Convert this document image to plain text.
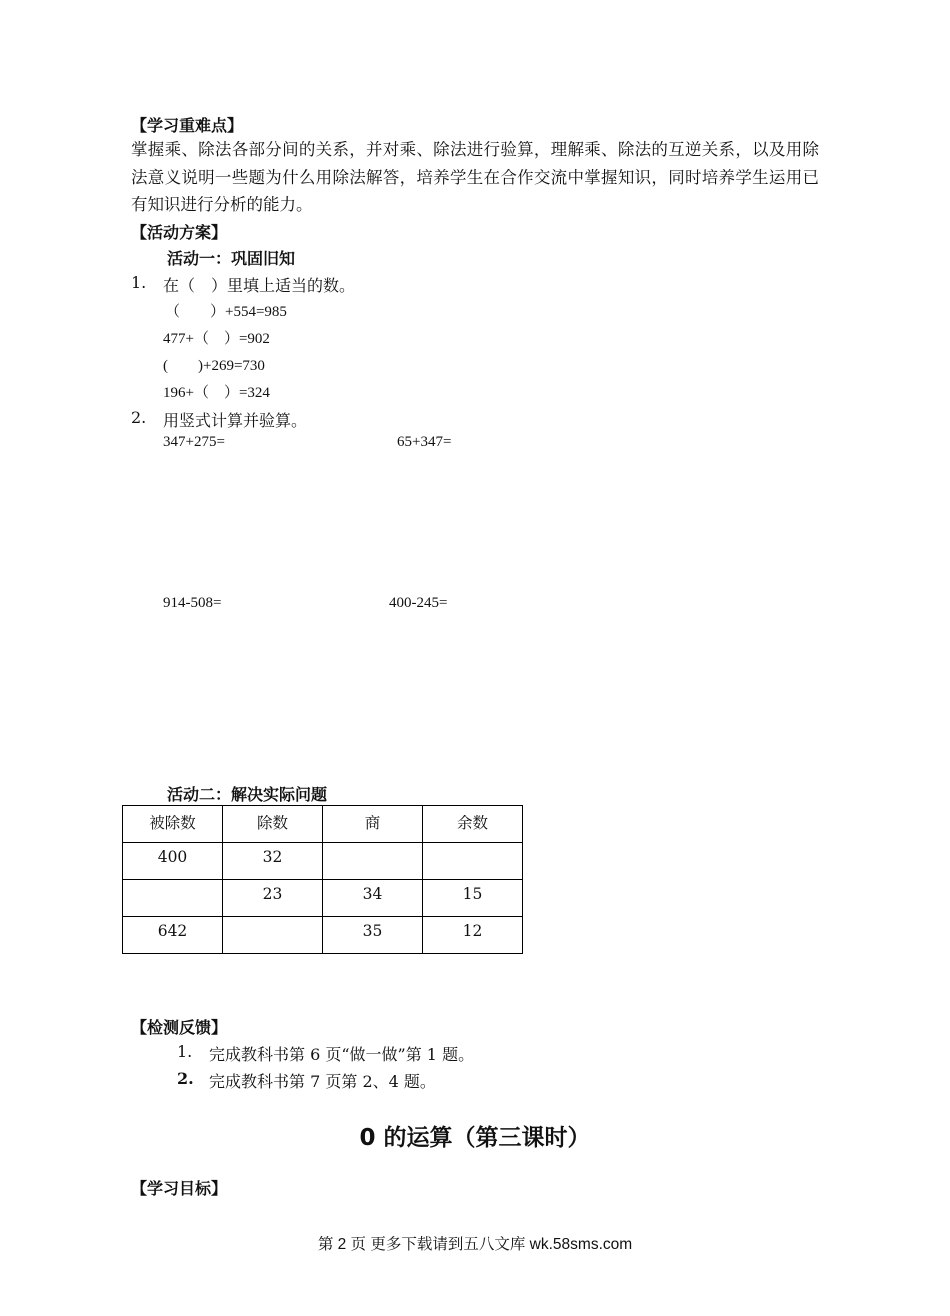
【学习重难点】
掌握乘、除法各部分间的关系，并对乘、除法进行验算，理解乘、除法的互逆关系，以及用除法意义说明一些题为什么用除法解答，培养学生在合作交流中掌握知识，同时培养学生运用已有知识进行分析的能力。
【活动方案】
活动一：巩固旧知
1. 在（　）里填上适当的数。
（　　）+554=985
477+（　）=902
(　　)+269=730
196+（　）=324
2. 用竖式计算并验算。
347+275=	65+347=
914-508=	400-245=
活动二：解决实际问题
被除数	除数	商	余数
400	32		
	23	34	15
642		35	12
【检测反馈】
1. 完成教科书第 6 页“做一做”第 1 题。
2. 完成教科书第 7 页第 2、4 题。
0 的运算（第三课时）
【学习目标】
第 2 页 更多下载请到五八文库 wk.58sms.com
